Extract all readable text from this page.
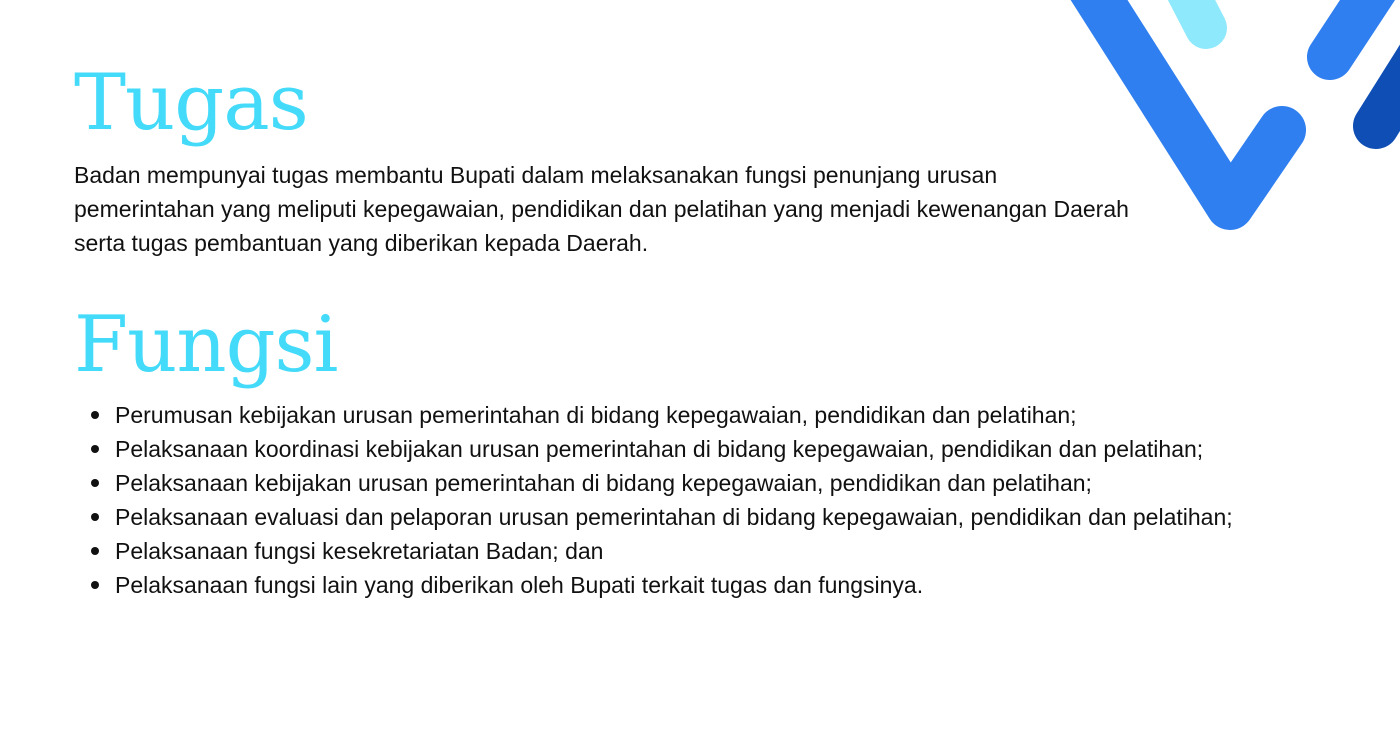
Tugas

Badan mempunyai tugas membantu Bupati dalam melaksanakan fungsi penunjang urusan pemerintahan yang meliputi kepegawaian, pendidikan dan pelatihan yang menjadi kewenangan Daerah serta tugas pembantuan yang diberikan kepada Daerah.

Fungsi
Perumusan kebijakan urusan pemerintahan di bidang kepegawaian, pendidikan dan pelatihan;
Pelaksanaan koordinasi kebijakan urusan pemerintahan di bidang kepegawaian, pendidikan dan pelatihan;
Pelaksanaan kebijakan urusan pemerintahan di bidang kepegawaian, pendidikan dan pelatihan;
Pelaksanaan evaluasi dan pelaporan urusan pemerintahan di bidang kepegawaian, pendidikan dan pelatihan;
Pelaksanaan fungsi kesekretariatan Badan; dan
Pelaksanaan fungsi lain yang diberikan oleh Bupati terkait tugas dan fungsinya.
